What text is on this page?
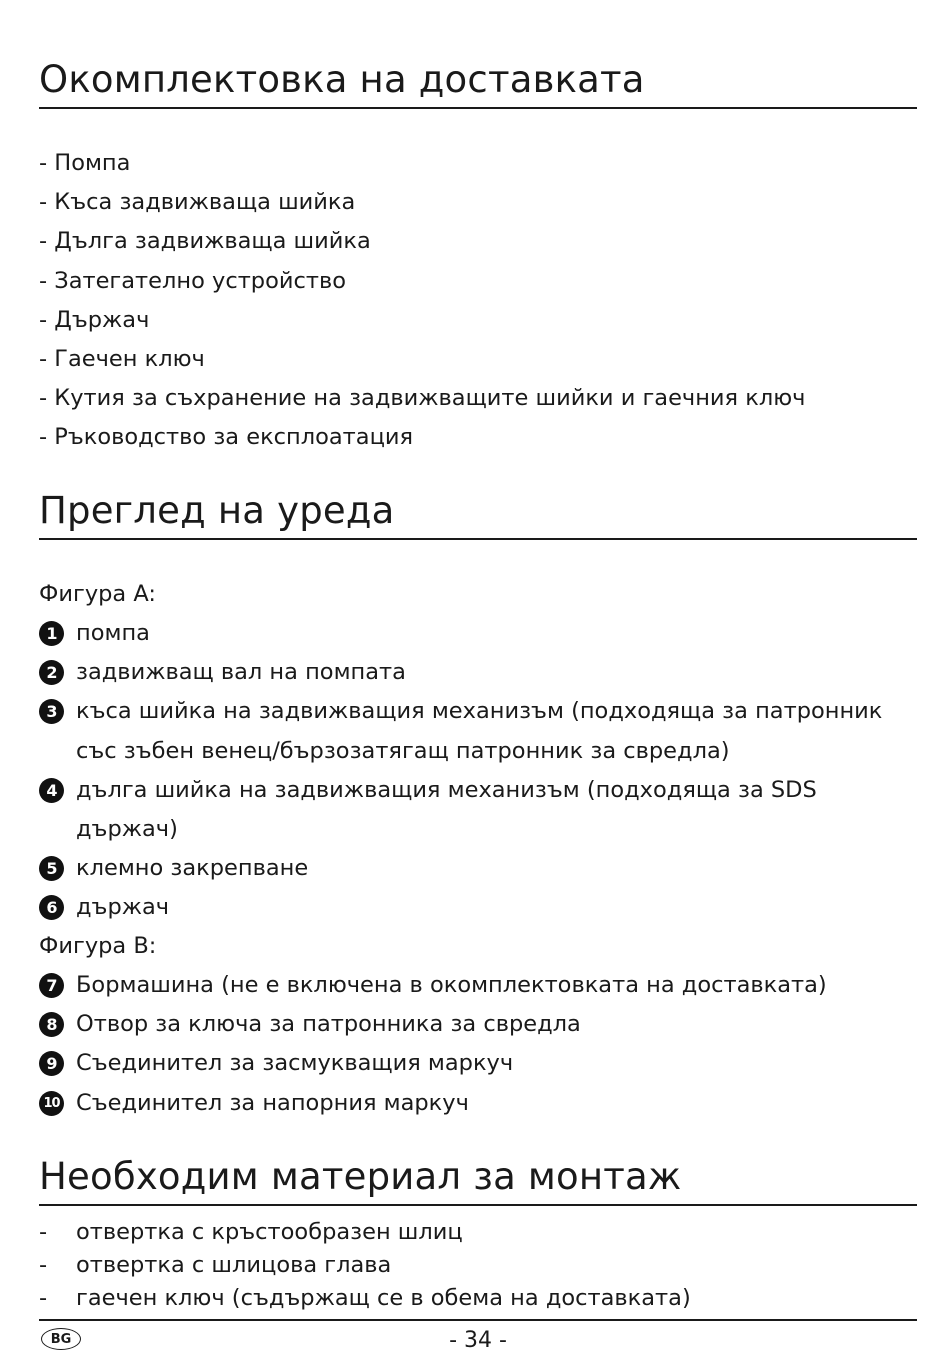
Окомплектовка на доставката
- Помпа
- Къса задвижваща шийка
- Дълга задвижваща шийка
- Затегателно устройство
- Държач
- Гаечен ключ
- Кутия за съхранение на задвижващите шийки и гаечния ключ
- Ръководство за експлоатация
Преглед на уреда
Фигура A:
1 помпа
2 задвижващ вал на помпата
3 къса шийка на задвижващия механизъм (подходяща за патронник със зъбен венец/бързозатягащ патронник за свредла)
4 дълга шийка на задвижващия механизъм (подходяща за SDS държач)
5 клемно закрепване
6 държач
Фигура B:
7 Бормашина (не е включена в окомплектовката на доставката)
8 Отвор за ключа за патронника за свредла
9 Съединител за засмукващия маркуч
10 Съединител за напорния маркуч
Необходим материал за монтаж
- отвертка с кръстообразен шлиц
- отвертка с шлицова глава
- гаечен ключ (съдържащ се в обема на доставката)
BG	- 34 -
